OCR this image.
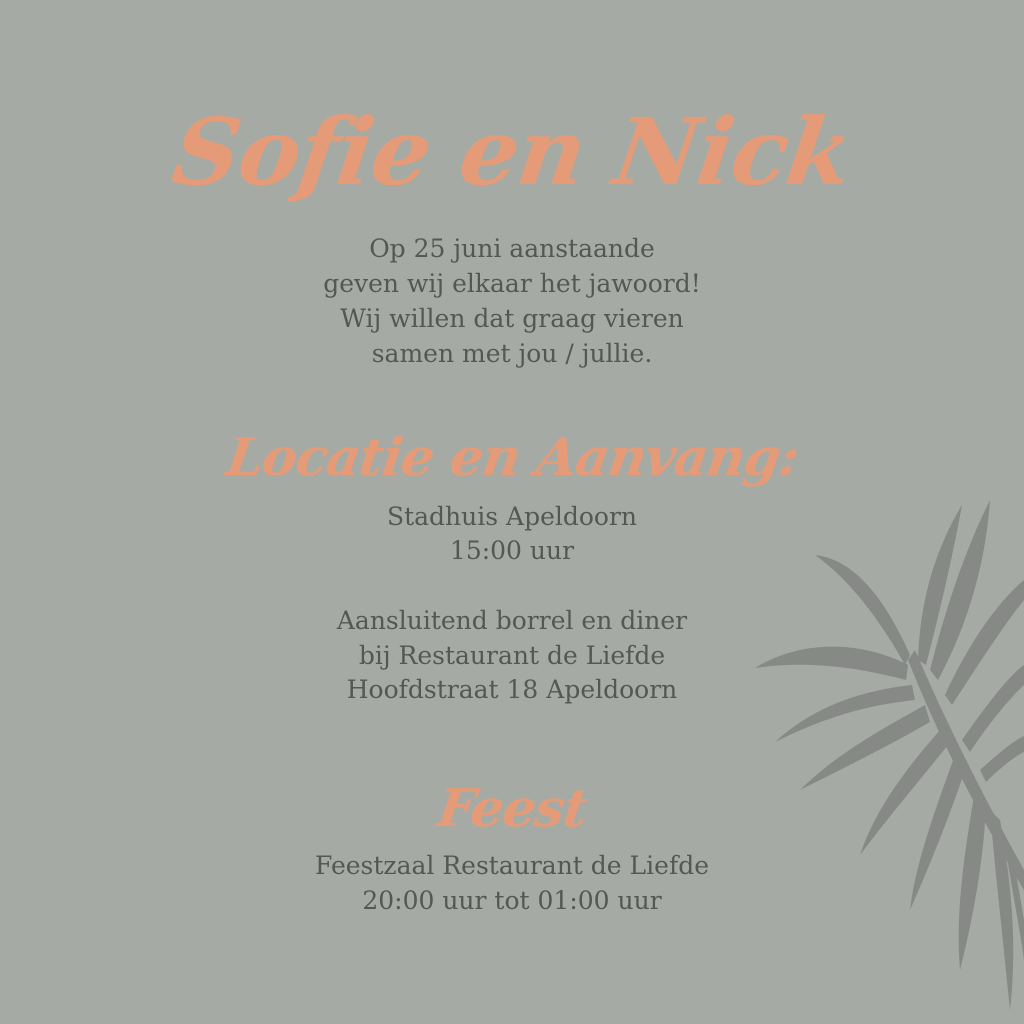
Sofie en Nick
Op 25 juni aanstaande
geven wij elkaar het jawoord!
Wij willen dat graag vieren
samen met jou / jullie.
Locatie en Aanvang:
Stadhuis Apeldoorn
15:00 uur
Aansluitend borrel en diner
bij Restaurant de Liefde
Hoofdstraat 18 Apeldoorn
Feest
Feestzaal Restaurant de Liefde
20:00 uur tot 01:00 uur
